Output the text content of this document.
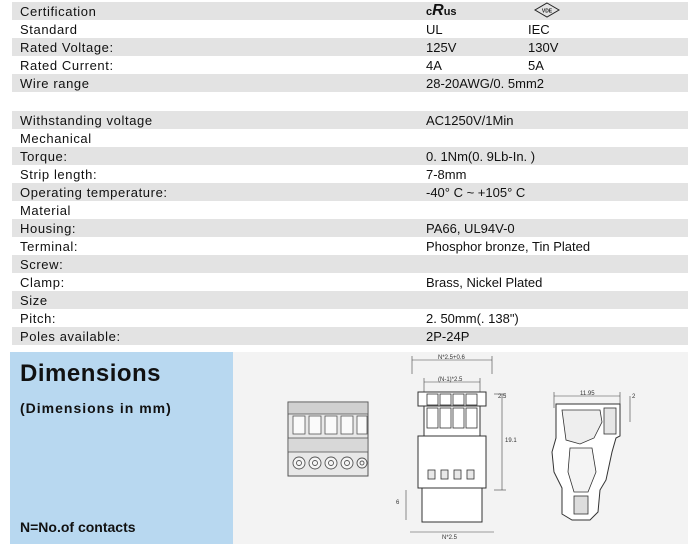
Certification	cRus	VDE
Standard	UL	IEC
Rated Voltage:	125V	130V
Rated Current:	4A	5A
Wire range	28-20AWG/0. 5mm2
Withstanding voltage	AC1250V/1Min
Mechanical
Torque:	0. 1Nm(0. 9Lb-In. )
Strip length:	7-8mm
Operating temperature:	-40° C ~ +105° C
Material
Housing:	PA66, UL94V-0
Terminal:	Phosphor bronze, Tin Plated
Screw:
Clamp:	Brass, Nickel Plated
Size
Pitch:	2. 50mm(. 138")
Poles available:	2P-24P
Dimensions
(Dimensions in mm)
N=No.of contacts
N*2.5+0.6
(N-1)*2.5
2.5
19.1
6
N*2.5
11.95	2
